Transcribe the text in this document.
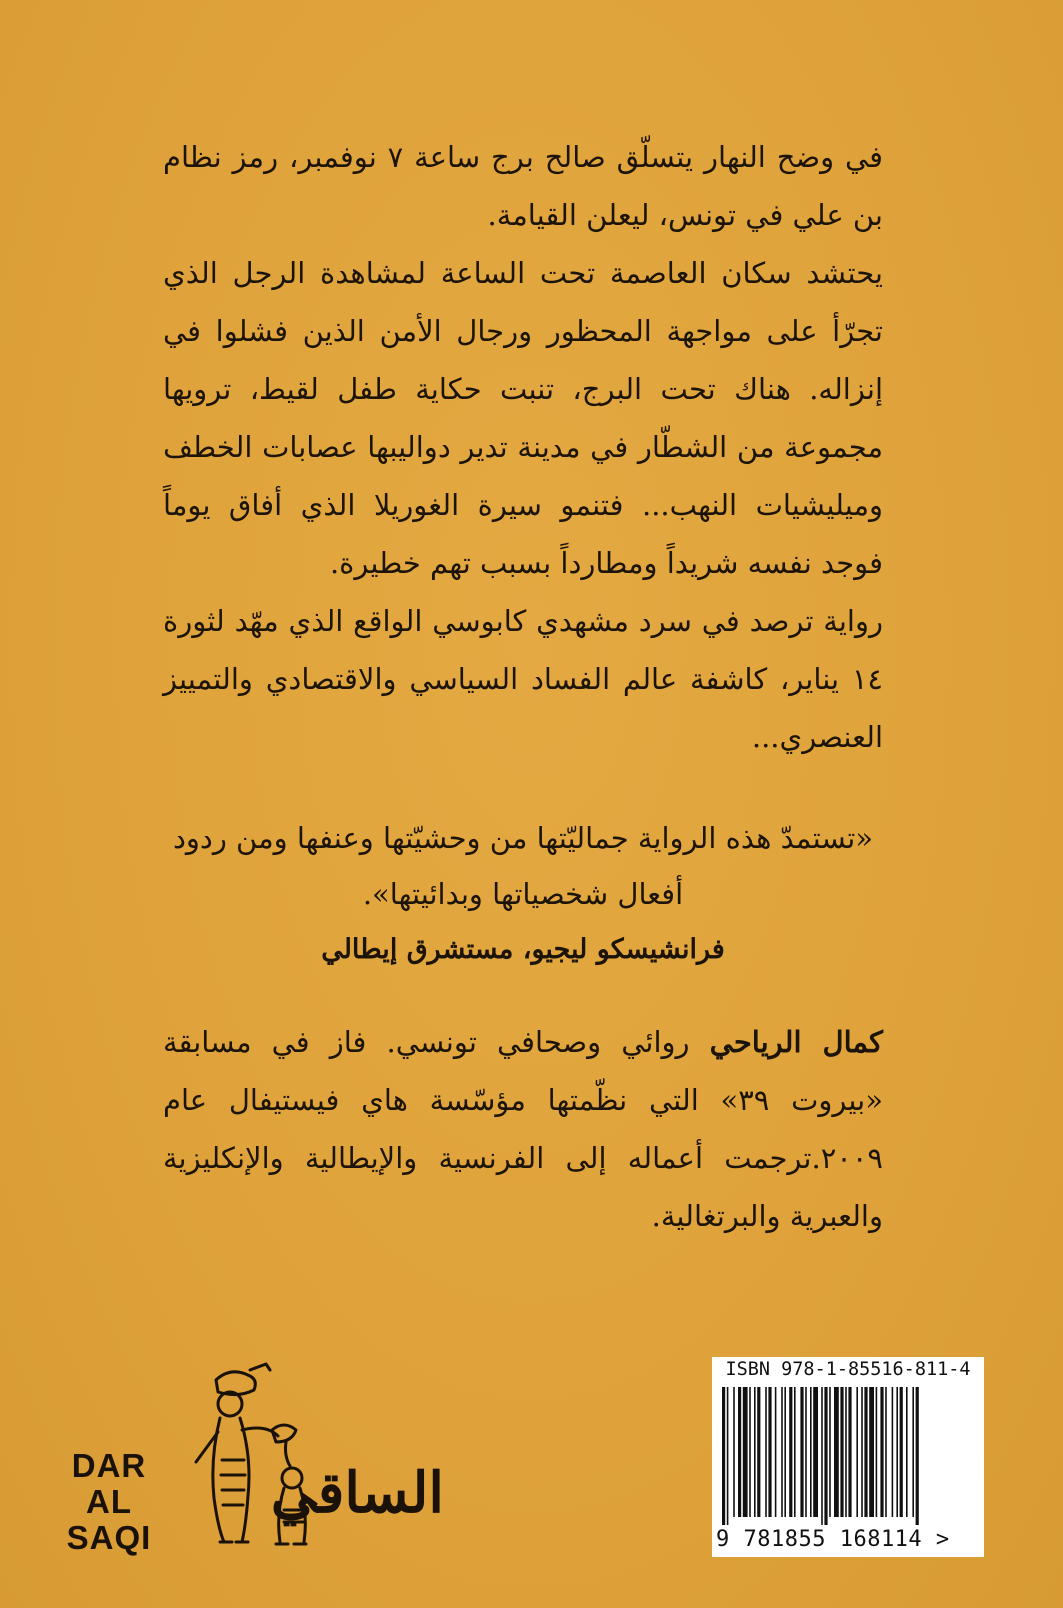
في وضح النهار يتسلّق صالح برج ساعة ٧ نوفمبر، رمز نظام بن علي في تونس، ليعلن القيامة.

يحتشد سكان العاصمة تحت الساعة لمشاهدة الرجل الذي تجرّأ على مواجهة المحظور ورجال الأمن الذين فشلوا في إنزاله. هناك تحت البرج، تنبت حكاية طفل لقيط، ترويها مجموعة من الشطّار في مدينة تدير دواليبها عصابات الخطف وميليشيات النهب... فتنمو سيرة الغوريلا الذي أفاق يوماً فوجد نفسه شريداً ومطارداً بسبب تهم خطيرة.

رواية ترصد في سرد مشهدي كابوسي الواقع الذي مهّد لثورة ١٤ يناير، كاشفة عالم الفساد السياسي والاقتصادي والتمييز العنصري...

«تستمدّ هذه الرواية جماليّتها من وحشيّتها وعنفها ومن ردود أفعال شخصياتها وبدائيتها».

فرانشيسكو ليجيو، مستشرق إيطالي

كمال الرياحي روائي وصحافي تونسي. فاز في مسابقة «بيروت ٣٩» التي نظّمتها مؤسّسة هاي فيستيفال عام ٢٠٠٩.ترجمت أعماله إلى الفرنسية والإيطالية والإنكليزية والعبرية والبرتغالية.

DAR
AL SAQI
الساقي
ISBN 978-1-85516-811-4
9 781855 168114 >
